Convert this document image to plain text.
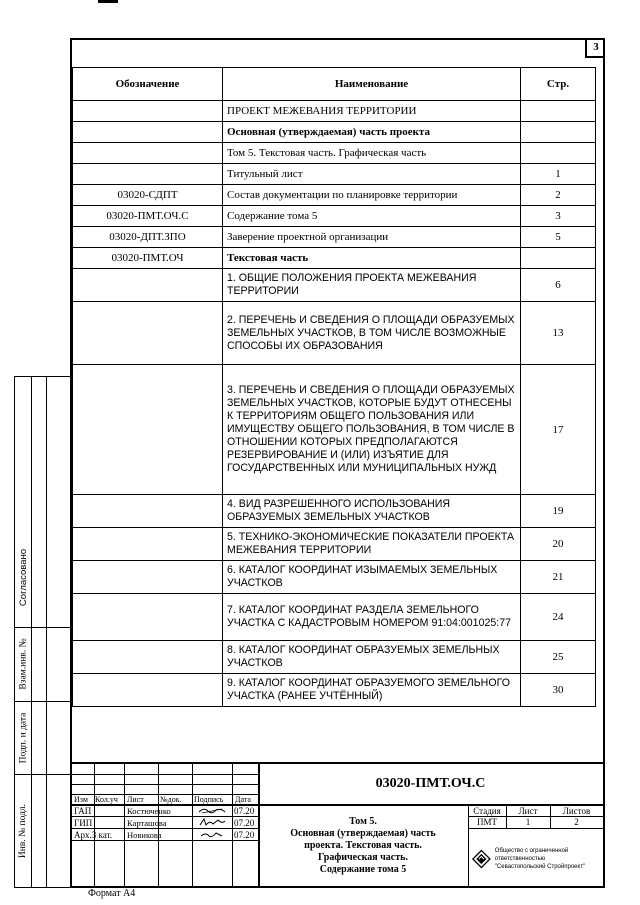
3
Обозначение	Наименование	Стр.
	ПРОЕКТ МЕЖЕВАНИЯ ТЕРРИТОРИИ	
	Основная (утверждаемая) часть проекта	
	Том 5. Текстовая часть. Графическая часть	
	Титульный лист	1
03020-СДПТ	Состав документации по планировке территории	2
03020-ПМТ.ОЧ.С	Содержание тома 5	3
03020-ДПТ.ЗПО	Заверение проектной организации	5
03020-ПМТ.ОЧ	Текстовая часть	
	1. ОБЩИЕ ПОЛОЖЕНИЯ ПРОЕКТА МЕЖЕВАНИЯ ТЕРРИТОРИИ	6
	2. ПЕРЕЧЕНЬ И СВЕДЕНИЯ О ПЛОЩАДИ ОБРАЗУЕМЫХ ЗЕМЕЛЬНЫХ УЧАСТКОВ, В ТОМ ЧИСЛЕ ВОЗМОЖНЫЕ СПОСОБЫ ИХ ОБРАЗОВАНИЯ	13
	3. ПЕРЕЧЕНЬ И СВЕДЕНИЯ О ПЛОЩАДИ ОБРАЗУЕМЫХ ЗЕМЕЛЬНЫХ УЧАСТКОВ, КОТОРЫЕ БУДУТ ОТНЕСЕНЫ К ТЕРРИТОРИЯМ ОБЩЕГО ПОЛЬЗОВАНИЯ ИЛИ ИМУЩЕСТВУ ОБЩЕГО ПОЛЬЗОВАНИЯ, В ТОМ ЧИСЛЕ В ОТНОШЕНИИ КОТОРЫХ ПРЕДПОЛАГАЮТСЯ РЕЗЕРВИРОВАНИЕ И (ИЛИ) ИЗЪЯТИЕ ДЛЯ ГОСУДАРСТВЕННЫХ ИЛИ МУНИЦИПАЛЬНЫХ НУЖД	17
	4. ВИД РАЗРЕШЕННОГО ИСПОЛЬЗОВАНИЯ ОБРАЗУЕМЫХ ЗЕМЕЛЬНЫХ УЧАСТКОВ	19
	5. ТЕХНИКО-ЭКОНОМИЧЕСКИЕ ПОКАЗАТЕЛИ ПРОЕКТА МЕЖЕВАНИЯ ТЕРРИТОРИИ	20
	6. КАТАЛОГ КООРДИНАТ ИЗЫМАЕМЫХ ЗЕМЕЛЬНЫХ УЧАСТКОВ	21
	7. КАТАЛОГ КООРДИНАТ РАЗДЕЛА ЗЕМЕЛЬНОГО УЧАСТКА С КАДАСТРОВЫМ НОМЕРОМ 91:04:001025:77	24
	8. КАТАЛОГ КООРДИНАТ ОБРАЗУЕМЫХ ЗЕМЕЛЬНЫХ УЧАСТКОВ	25
	9. КАТАЛОГ КООРДИНАТ ОБРАЗУЕМОГО ЗЕМЕЛЬНОГО УЧАСТКА (РАНЕЕ УЧТЁННЫЙ)	30
Согласовано
Взам.инв. №
Подп. и дата
Инв. № подл.
Изм Кол.уч Лист №док. Подпись Дата
ГАП	Костюченко	07.20
ГИП	Карташова	07.20
Арх.3 кат. Новикова	07.20
03020-ПМТ.ОЧ.С
Том 5.
Основная (утверждаемая) часть
проекта. Текстовая часть.
Графическая часть.
Содержание тома 5
Стадия	Лист	Листов
ПМТ	1	2
Общество с ограниченной ответственностью
"Севастопольский Стройпроект"
Формат А4
